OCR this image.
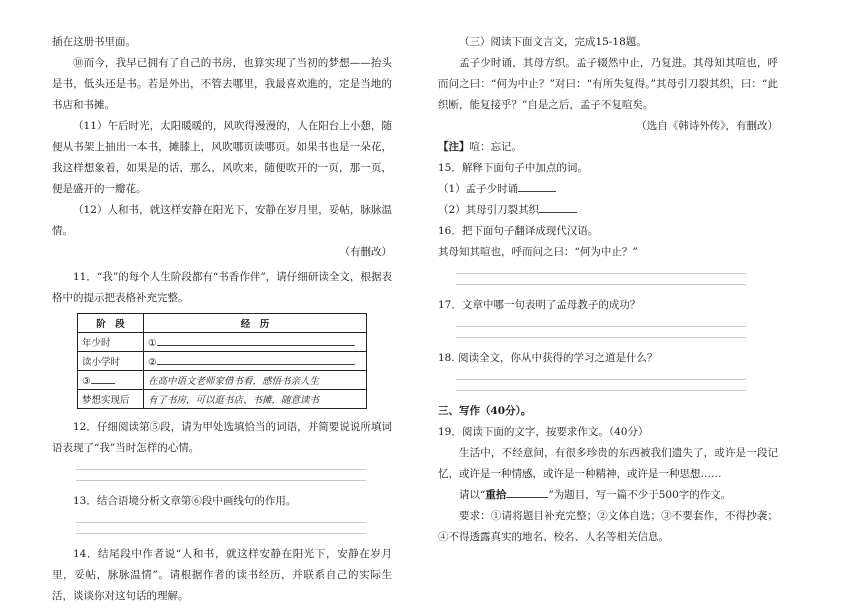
插在这册书里面。
⑩而今，我早已拥有了自己的书房，也算实现了当初的梦想——抬头是书，低头还是书。若是外出，不管去哪里，我最喜欢進的，定是当地的书店和书摊。
（11）午后时光，太阳暖暖的，风吹得漫漫的，人在阳台上小憩，随便从书架上抽出一本书，摊膝上，风吹哪页读哪页。如果书也是一朵花，我这样想象着，如果是的话，那么，风吹来，随便吹开的一页，那一页，便是盛开的一瓣花。
（12）人和书，就这样安静在阳光下，安静在岁月里，妥帖，脉脉温情。
（有删改）
11．“我”的每个人生阶段都有“书香作伴”，请仔细研读全文，根据表格中的提示把表格补充完整。
阶　段	经　历
年少时	①
读小学时	②
③	在高中语文老师家借书看，感悟书亲人生
梦想实现后	有了书房，可以逛书店、书摊，随意读书
12．仔细阅读第⑤段，请为甲处选填恰当的词语，并简要说说所填词语表现了“我”当时怎样的心情。
13．结合语境分析文章第⑥段中画线句的作用。
14．结尾段中作者说“人和书，就这样安静在阳光下，安静在岁月里，妥帖，脉脉温情”。请根据作者的读书经历，并联系自己的实际生活，谈谈你对这句话的理解。
（三）阅读下面文言文，完成15-18题。
孟子少时诵，其母方织。孟子辍然中止，乃复进。其母知其喧也，呼而问之曰：“何为中止？”对曰：“有所失复得。”其母引刀裂其织，曰：“此织断，能复接乎？”自是之后，孟子不复喧矣。
（选自《韩诗外传》，有删改）
【注】喧：忘记。
15．解释下面句子中加点的词。
（1）孟子少时诵
（2）其母引刀裂其织
16．把下面句子翻译成现代汉语。
其母知其喧也，呼而问之曰：“何为中止？”
17．文章中哪一句表明了孟母教子的成功？
18. 阅读全文，你从中获得的学习之道是什么？
三、写作（40分）。
19．阅读下面的文字，按要求作文。（40分）
生活中，不经意间，有很多珍贵的东西被我们遗失了，或许是一段记忆，或许是一种情感，或许是一种精神，或许是一种思想……
请以“重拾	”为题目，写一篇不少于500字的作文。
要求：①请将题目补充完整；②文体自选；③不要套作，不得抄袭；④不得透露真实的地名、校名、人名等相关信息。
